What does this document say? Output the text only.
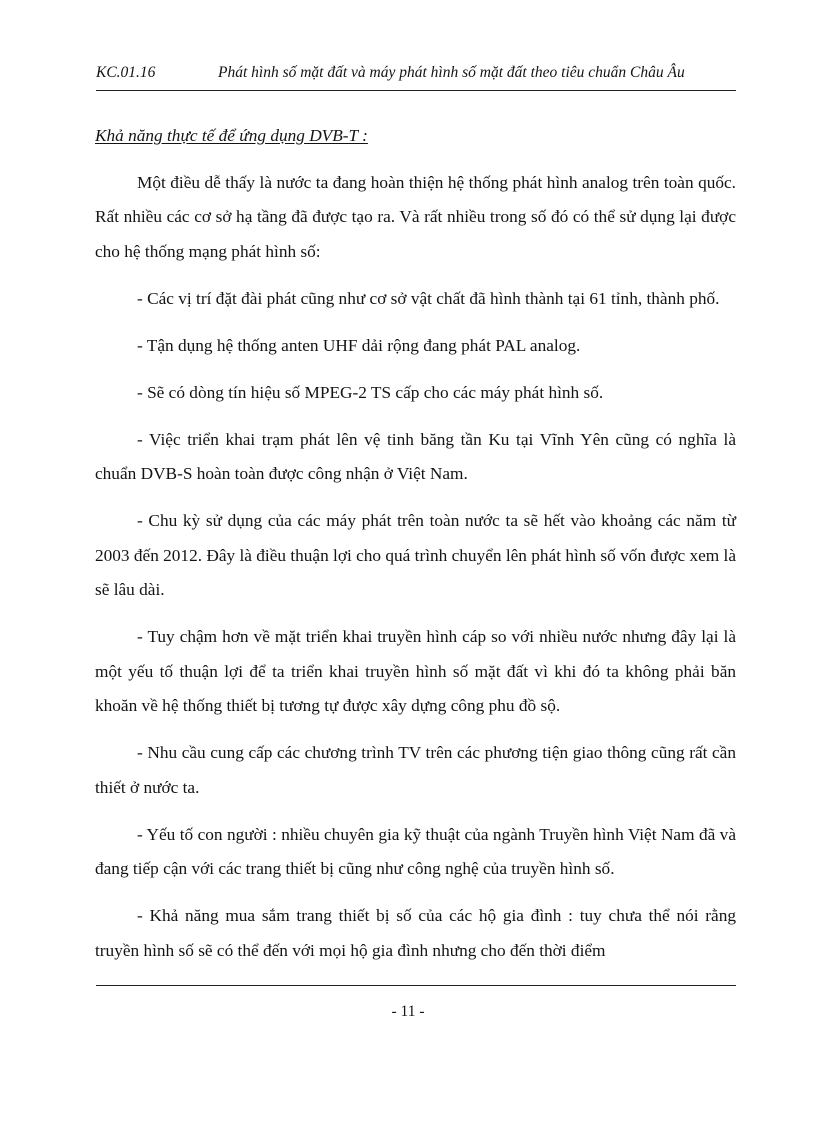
KC.01.16	Phát hình số mặt đất và máy phát hình số mặt đất theo tiêu chuẩn Châu Âu

Khả năng thực tế để ứng dụng DVB-T :

Một điều dễ thấy là nước ta đang hoàn thiện hệ thống phát hình analog trên toàn quốc. Rất nhiều các cơ sở hạ tầng đã được tạo ra. Và rất nhiều trong số đó có thể sử dụng lại được cho hệ thống mạng phát hình số:

- Các vị trí đặt đài phát cũng như cơ sở vật chất đã hình thành tại 61 tỉnh, thành phố.

- Tận dụng hệ thống anten UHF dải rộng đang phát PAL analog.

- Sẽ có dòng tín hiệu số MPEG-2 TS cấp cho các máy phát hình số.

- Việc triển khai trạm phát lên vệ tinh băng tần Ku tại Vĩnh Yên cũng có nghĩa là chuẩn DVB-S hoàn toàn được công nhận ở Việt Nam.

- Chu kỳ sử dụng của các máy phát trên toàn nước ta sẽ hết vào khoảng các năm từ 2003 đến 2012. Đây là điều thuận lợi cho quá trình chuyển lên phát hình số vốn được xem là sẽ lâu dài.

- Tuy chậm hơn về mặt triển khai truyền hình cáp so với nhiều nước nhưng đây lại là một yếu tố thuận lợi để ta triển khai truyền hình số mặt đất vì khi đó ta không phải băn khoăn về hệ thống thiết bị tương tự được xây dựng công phu đồ sộ.

- Nhu cầu cung cấp các chương trình TV trên các phương tiện giao thông cũng rất cần thiết ở nước ta.

- Yếu tố con người : nhiều chuyên gia kỹ thuật của ngành Truyền hình Việt Nam đã và đang tiếp cận với các trang thiết bị cũng như công nghệ của truyền hình số.

- Khả năng mua sắm trang thiết bị số của các hộ gia đình : tuy chưa thể nói rằng truyền hình số sẽ có thể đến với mọi hộ gia đình nhưng cho đến thời điểm

- 11 -
